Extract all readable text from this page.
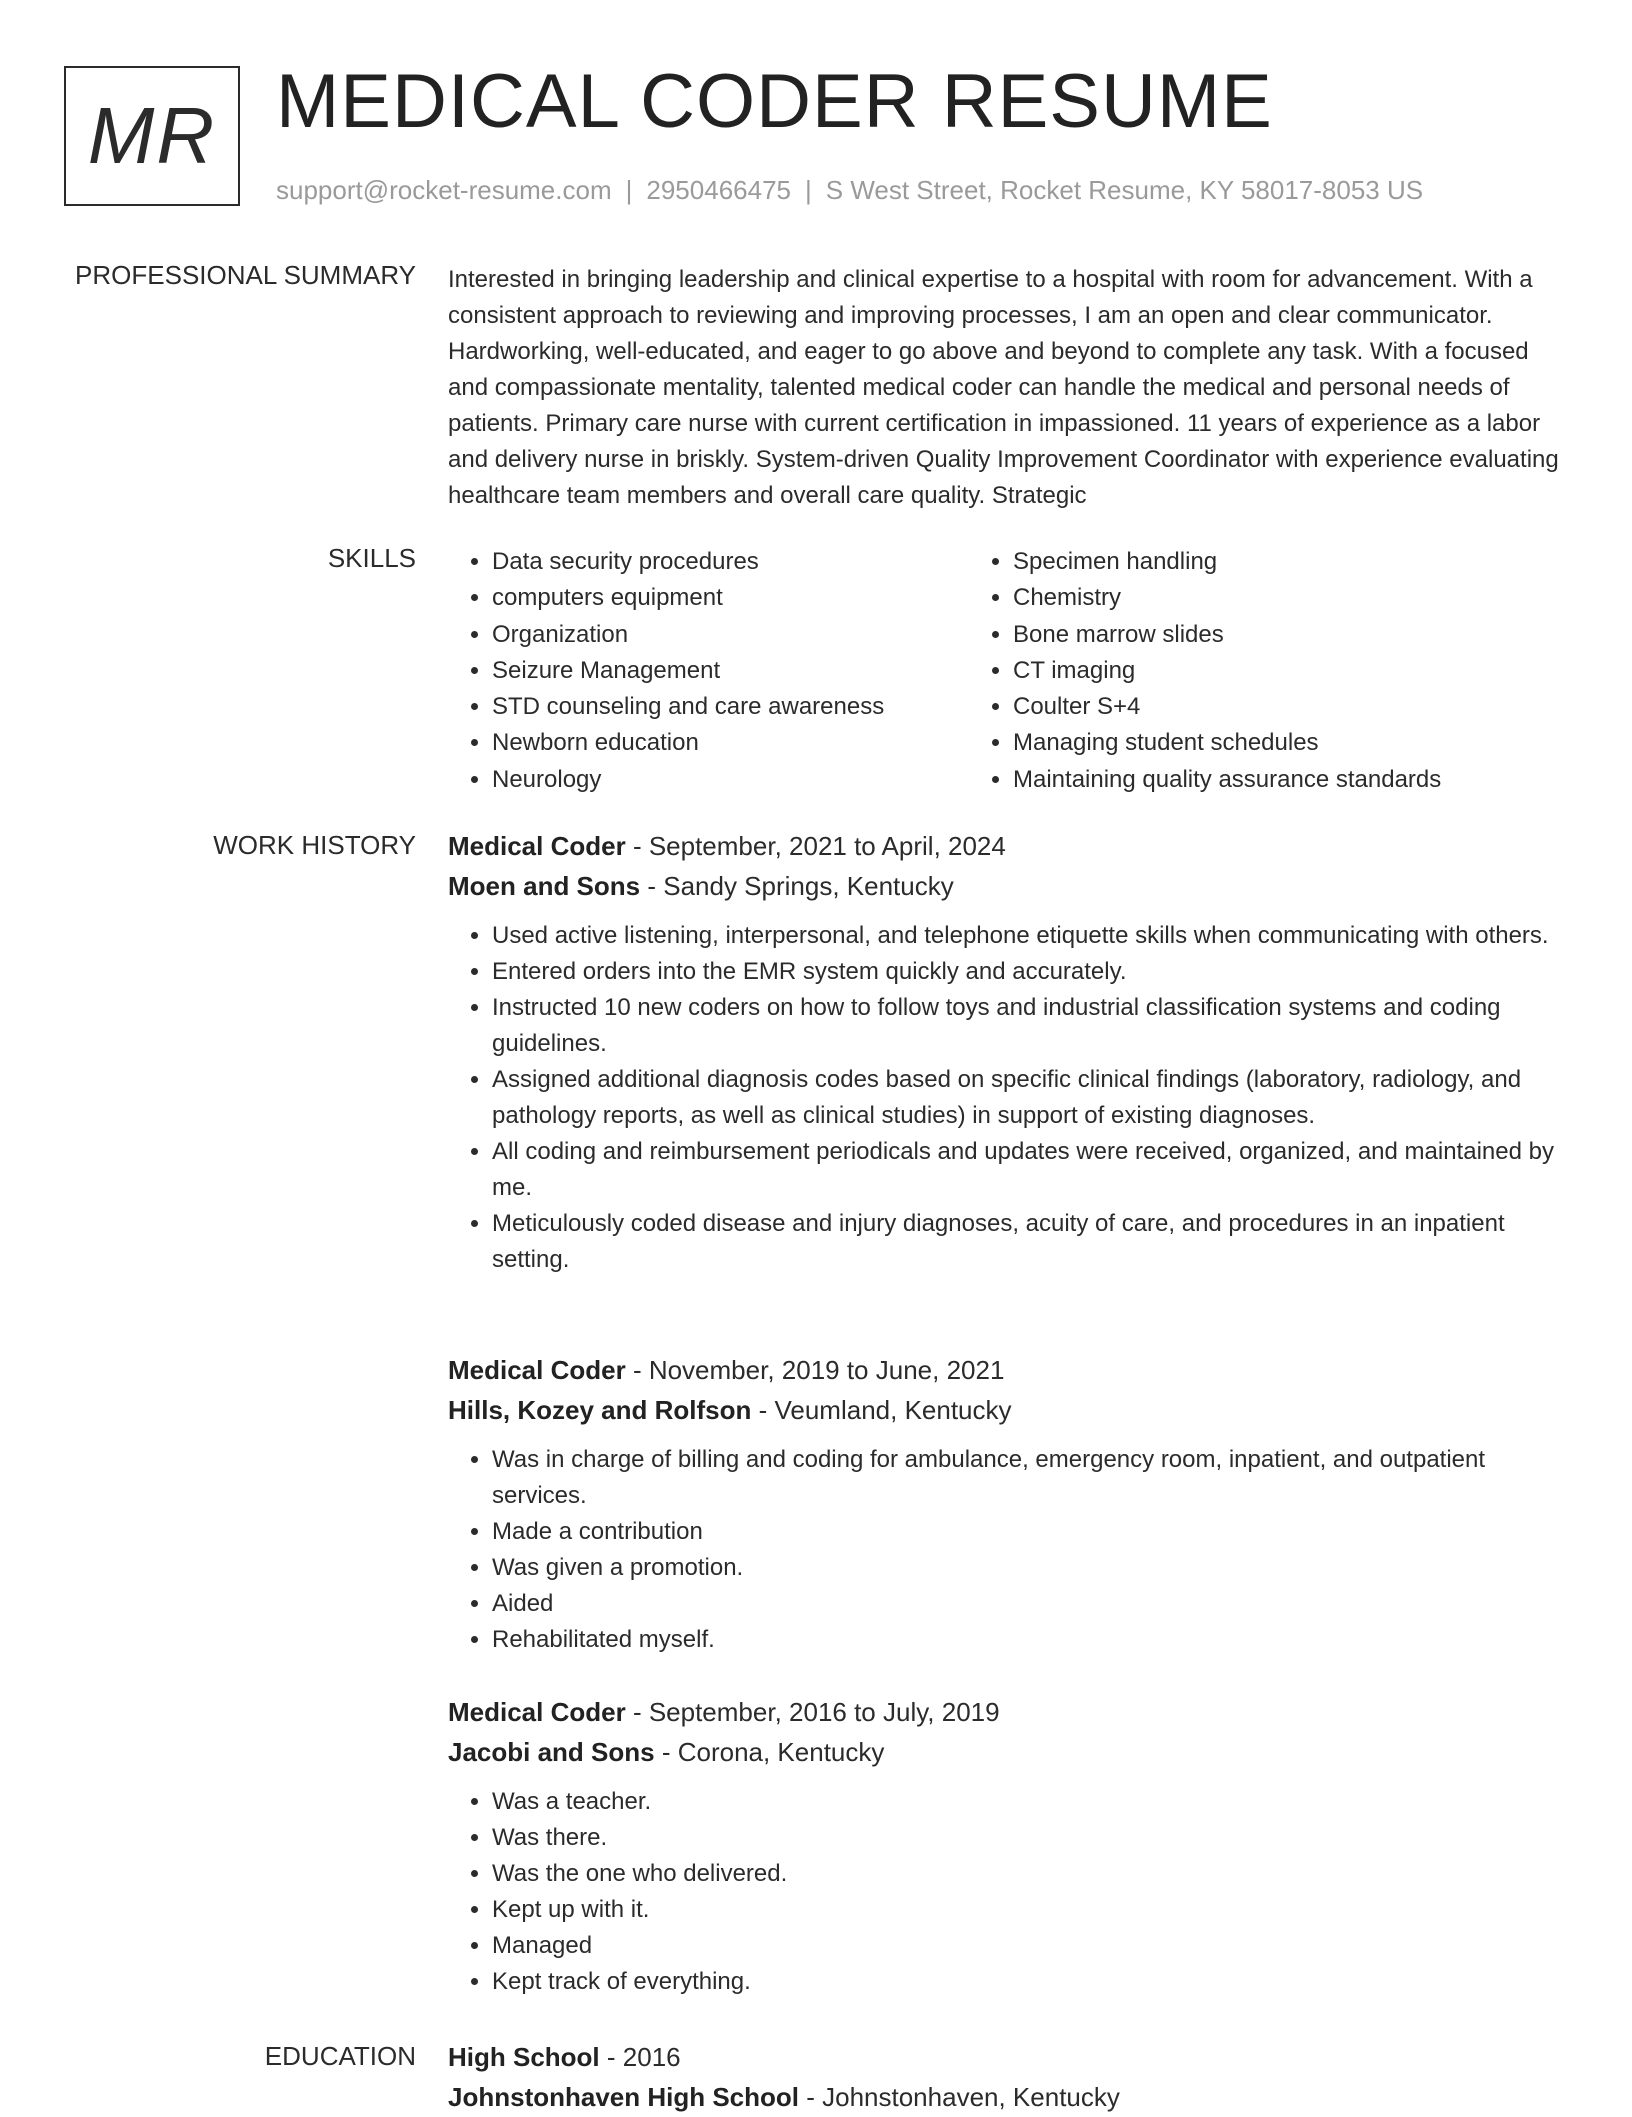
MR MEDICAL CODER RESUME
support@rocket-resume.com | 2950466475 | S West Street, Rocket Resume, KY 58017-8053 US
PROFESSIONAL SUMMARY Interested in bringing leadership and clinical expertise to a hospital with room for advancement. With a consistent approach to reviewing and improving processes, I am an open and clear communicator. Hardworking, well-educated, and eager to go above and beyond to complete any task. With a focused and compassionate mentality, talented medical coder can handle the medical and personal needs of patients. Primary care nurse with current certification in impassioned. 11 years of experience as a labor and delivery nurse in briskly. System-driven Quality Improvement Coordinator with experience evaluating healthcare team members and overall care quality. Strategic

SKILLS
•	Data security procedures
• computers equipment
• Organization
• Seizure Management
• STD counseling and care awareness
• Newborn education
• Neurology
• Specimen handling
• Chemistry
• Bone marrow slides
• CT imaging
• Coulter S+4
• Managing student schedules
• Maintaining quality assurance standards
WORK HISTORY Medical Coder - September, 2021 to April, 2024
Moen and Sons - Sandy Springs, Kentucky
• Used active listening, interpersonal, and telephone etiquette skills when communicating with others.
• Entered orders into the EMR system quickly and accurately.
• Instructed 10 new coders on how to follow toys and industrial classification systems and coding guidelines.
• Assigned additional diagnosis codes based on specific clinical findings (laboratory, radiology, and pathology reports, as well as clinical studies) in support of existing diagnoses.
• All coding and reimbursement periodicals and updates were received, organized, and maintained by me.
• Meticulously coded disease and injury diagnoses, acuity of care, and procedures in an inpatient setting.
Medical Coder - November, 2019 to June, 2021
Hills, Kozey and Rolfson - Veumland, Kentucky
• Was in charge of billing and coding for ambulance, emergency room, inpatient, and outpatient services.
• Made a contribution
• Was given a promotion.
• Aided
• Rehabilitated myself.
Medical Coder - September, 2016 to July, 2019
Jacobi and Sons - Corona, Kentucky
• Was a teacher.
• Was there.
• Was the one who delivered.
• Kept up with it.
• Managed
• Kept track of everything.
EDUCATION High School - 2016
Johnstonhaven High School - Johnstonhaven, Kentucky
